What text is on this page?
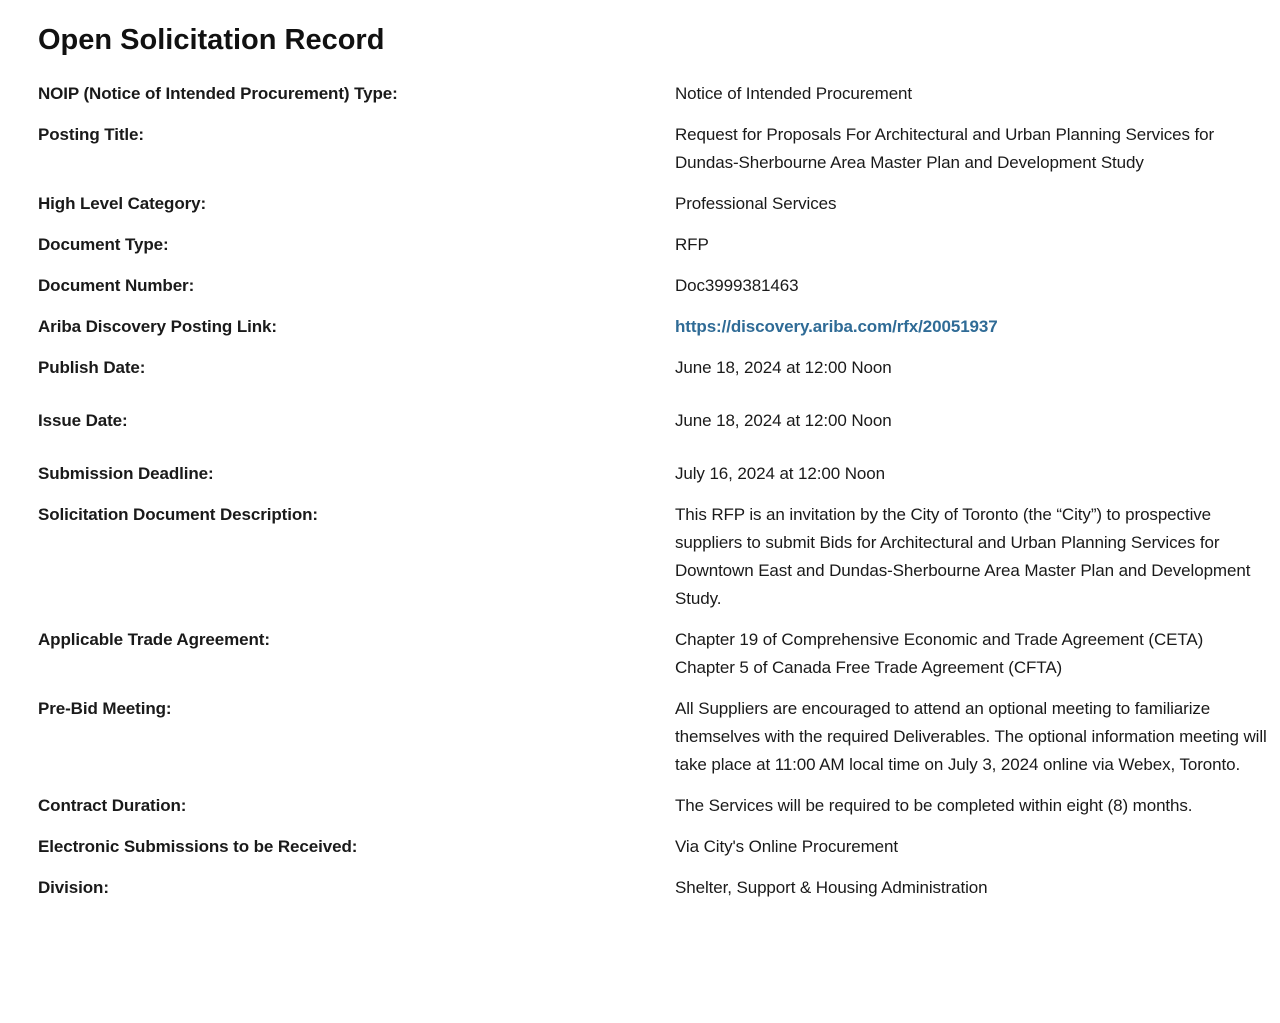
Open Solicitation Record
NOIP (Notice of Intended Procurement) Type:	Notice of Intended Procurement
Posting Title:	Request for Proposals For Architectural and Urban Planning Services for Dundas-Sherbourne Area Master Plan and Development Study
High Level Category:	Professional Services
Document Type:	RFP
Document Number:	Doc3999381463
Ariba Discovery Posting Link:	https://discovery.ariba.com/rfx/20051937
Publish Date:	June 18, 2024 at 12:00 Noon
Issue Date:	June 18, 2024 at 12:00 Noon
Submission Deadline:	July 16, 2024 at 12:00 Noon
Solicitation Document Description:	This RFP is an invitation by the City of Toronto (the “City”) to prospective suppliers to submit Bids for Architectural and Urban Planning Services for Downtown East and Dundas-Sherbourne Area Master Plan and Development Study.
Applicable Trade Agreement:	Chapter 19 of Comprehensive Economic and Trade Agreement (CETA)
Chapter 5 of Canada Free Trade Agreement (CFTA)
Pre-Bid Meeting:	All Suppliers are encouraged to attend an optional meeting to familiarize themselves with the required Deliverables. The optional information meeting will take place at 11:00 AM local time on July 3, 2024 online via Webex, Toronto.
Contract Duration:	The Services will be required to be completed within eight (8) months.
Electronic Submissions to be Received:	Via City's Online Procurement
Division:	Shelter, Support & Housing Administration
